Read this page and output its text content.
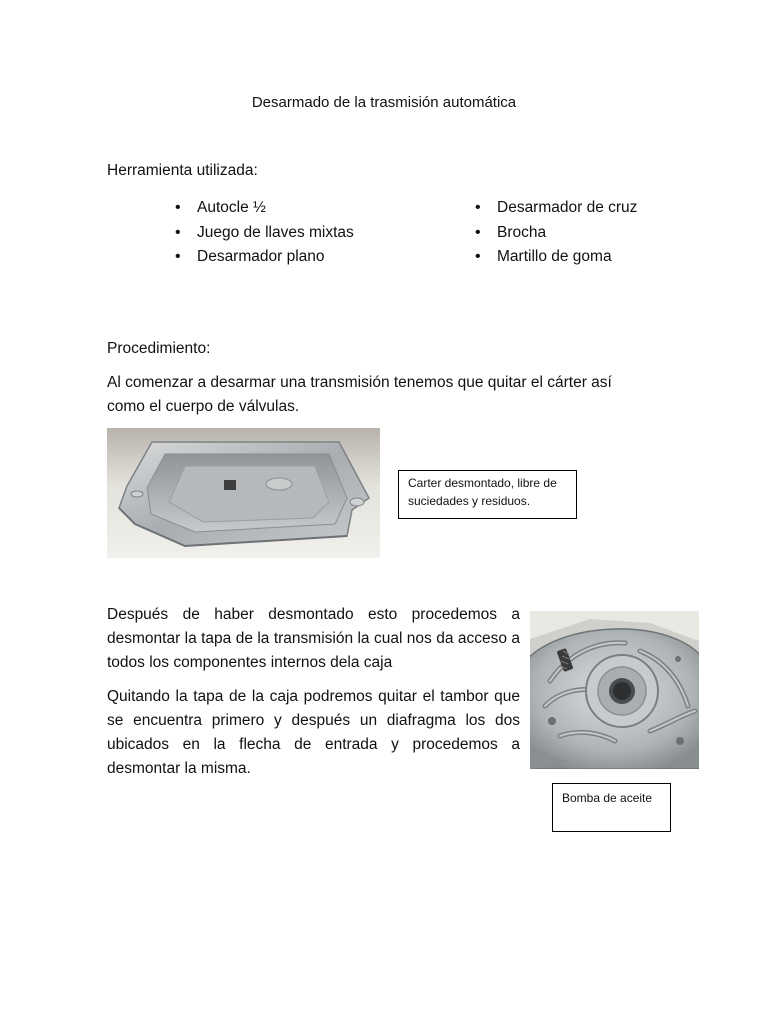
Desarmado de la trasmisión automática
Herramienta utilizada:
• Autocle ½
• Juego de llaves mixtas
• Desarmador plano
• Desarmador de cruz
• Brocha
• Martillo de goma
Procedimiento:
Al comenzar a desarmar una transmisión tenemos que quitar el cárter así como el cuerpo de válvulas.
Carter desmontado, libre de suciedades y residuos.
Después de haber desmontado esto procedemos a desmontar la tapa de la transmisión la cual nos da acceso a todos los componentes internos dela caja
Quitando la tapa de la caja podremos quitar el tambor que se encuentra primero y después un diafragma los dos ubicados en la flecha de entrada y procedemos a desmontar la misma.
Bomba de aceite
